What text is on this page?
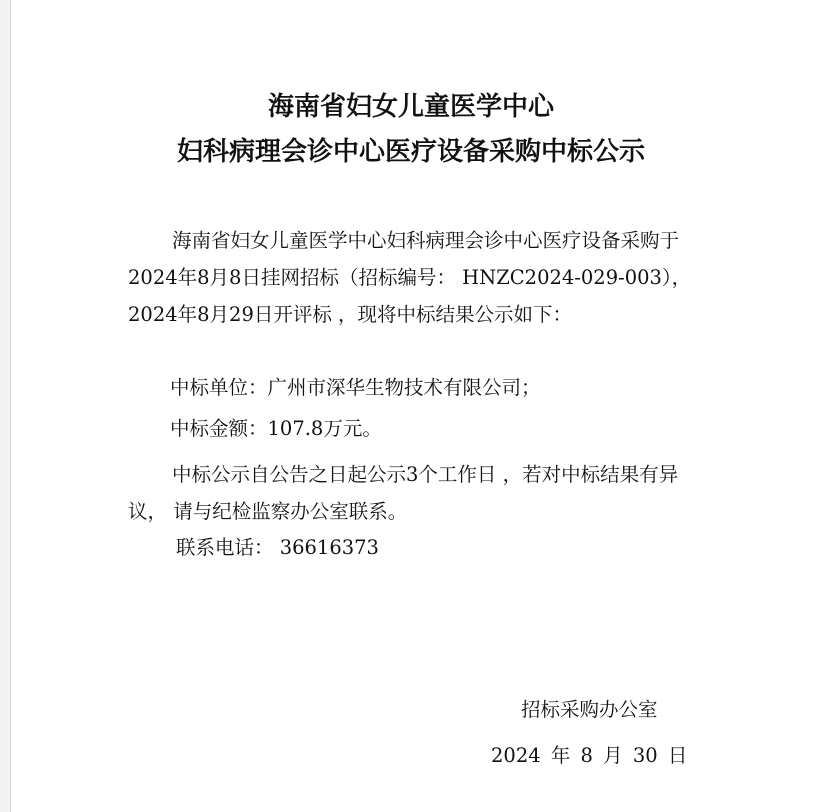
海南省妇女儿童医学中心
妇科病理会诊中心医疗设备采购中标公示

海南省妇女儿童医学中心妇科病理会诊中心医疗设备采购于2024年8月8日挂网招标（招标编号： HNZC2024-029-003），2024年8月29日开评标 ，现将中标结果公示如下：

中标单位：广州市深华生物技术有限公司；

中标金额：107.8万元。

中标公示自公告之日起公示3个工作日 ，若对中标结果有异议， 请与纪检监察办公室联系。

联系电话： 36616373

招标采购办公室

2024 年 8 月 30 日
